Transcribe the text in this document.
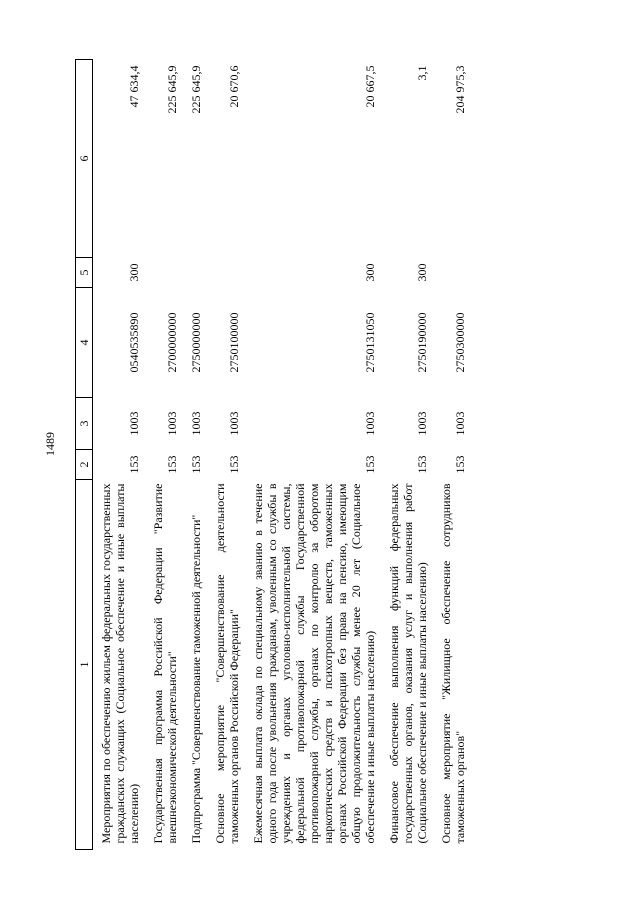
1489
1	2	3	4	5	6
Мероприятия по обеспечению жильем федеральных государственных гражданских служащих (Социальное обеспечение и иные выплаты населению)	153	1003	0540535890	300	47 634,4
Государственная программа Российской Федерации "Развитие внешнеэкономической деятельности"	153	1003	2700000000		225 645,9
Подпрограмма "Совершенствование таможенной деятельности"	153	1003	2750000000		225 645,9
Основное мероприятие "Совершенствование деятельности таможенных органов Российской Федерации"	153	1003	2750100000		20 670,6
Ежемесячная выплата оклада по специальному званию в течение одного года после увольнения гражданам, уволенным со службы в учреждениях и органах уголовно-исполнительной системы, федеральной противопожарной службы Государственной противопожарной службы, органах по контролю за оборотом наркотических средств и психотропных веществ, таможенных органах Российской Федерации без права на пенсию, имеющим общую продолжительность службы менее 20 лет (Социальное обеспечение и иные выплаты населению)	153	1003	2750131050	300	20 667,5
Финансовое обеспечение выполнения функций федеральных государственных органов, оказания услуг и выполнения работ (Социальное обеспечение и иные выплаты населению)	153	1003	2750190000	300	3,1
Основное мероприятие "Жилищное обеспечение сотрудников таможенных органов"	153	1003	2750300000		204 975,3
